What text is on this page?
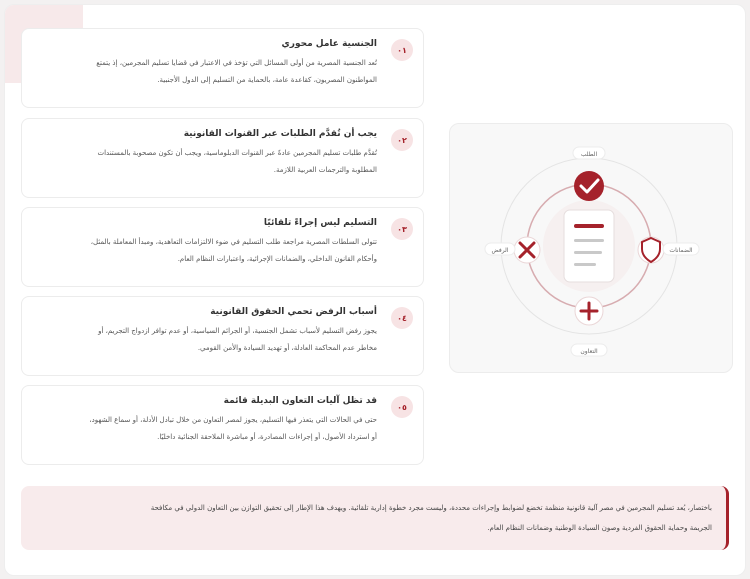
٠١

الجنسية عامل محوري

تُعد الجنسية المصرية من أولى المسائل التي تؤخذ في الاعتبار في قضايا تسليم المجرمين، إذ يتمتع

المواطنون المصريون، كقاعدة عامة، بالحماية من التسليم إلى الدول الأجنبية.

٠٢

يجب أن تُقدَّم الطلبات عبر القنوات القانونية

تُقدَّم طلبات تسليم المجرمين عادةً عبر القنوات الدبلوماسية، ويجب أن تكون مصحوبة بالمستندات

المطلوبة والترجمات العربية اللازمة.

٠٣

التسليم ليس إجراءً تلقائيًا

تتولى السلطات المصرية مراجعة طلب التسليم في ضوء الالتزامات التعاهدية، ومبدأ المعاملة بالمثل،

وأحكام القانون الداخلي، والضمانات الإجرائية، واعتبارات النظام العام.

٠٤

أسباب الرفض تحمي الحقوق القانونية

يجوز رفض التسليم لأسباب تشمل الجنسية، أو الجرائم السياسية، أو عدم توافر ازدواج التجريم، أو

مخاطر عدم المحاكمة العادلة، أو تهديد السيادة والأمن القومي.

٠٥

قد تظل آليات التعاون البديلة قائمة

حتى في الحالات التي يتعذر فيها التسليم، يجوز لمصر التعاون من خلال تبادل الأدلة، أو سماع الشهود،

أو استرداد الأصول، أو إجراءات المصادرة، أو مباشرة الملاحقة الجنائية داخليًا.

الطلب
الضمانات
الرفض
التعاون

باختصار، يُعد تسليم المجرمين في مصر آلية قانونية منظمة تخضع لضوابط وإجراءات محددة، وليست مجرد خطوة إدارية تلقائية. ويهدف هذا الإطار إلى تحقيق التوازن بين التعاون الدولي في مكافحة

الجريمة وحماية الحقوق الفردية وصون السيادة الوطنية وضمانات النظام العام.
